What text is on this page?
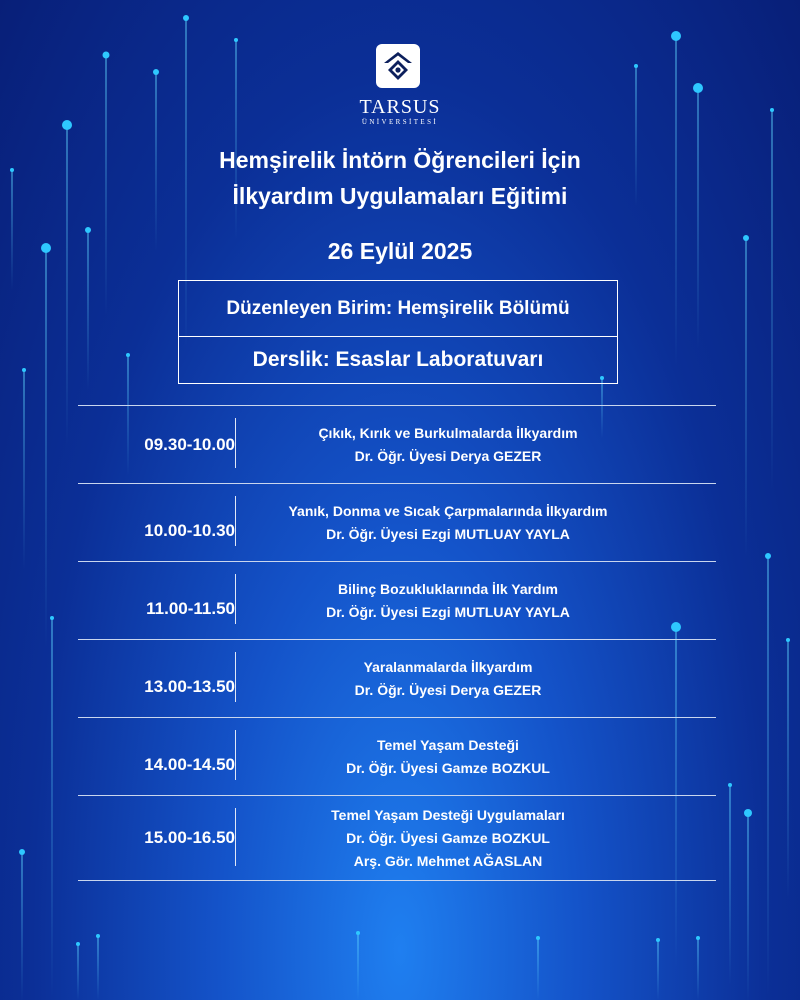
TARSUS
ÜNİVERSİTESİ
Hemşirelik İntörn Öğrencileri İçin
İlkyardım Uygulamaları Eğitimi
26 Eylül 2025
Düzenleyen Birim: Hemşirelik Bölümü
Derslik: Esaslar Laboratuvarı
09.30-10.00
Çıkık, Kırık ve Burkulmalarda İlkyardım
Dr. Öğr. Üyesi Derya GEZER
10.00-10.30
Yanık, Donma ve Sıcak Çarpmalarında İlkyardım
Dr. Öğr. Üyesi Ezgi MUTLUAY YAYLA
11.00-11.50
Bilinç Bozukluklarında İlk Yardım
Dr. Öğr. Üyesi Ezgi MUTLUAY YAYLA
13.00-13.50
Yaralanmalarda İlkyardım
Dr. Öğr. Üyesi Derya GEZER
14.00-14.50
Temel Yaşam Desteği
Dr. Öğr. Üyesi Gamze BOZKUL
15.00-16.50
Temel Yaşam Desteği Uygulamaları
Dr. Öğr. Üyesi Gamze BOZKUL
Arş. Gör. Mehmet AĞASLAN
